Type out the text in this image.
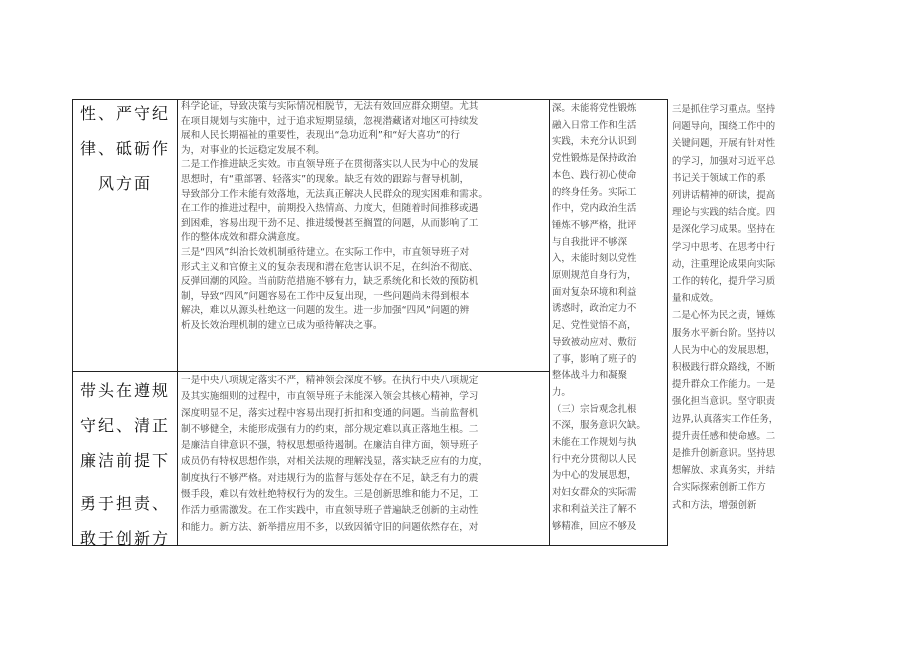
性、严守纪

律、砥砺作

风方面

科学论证，导致决策与实际情况相脱节，无法有效回应群众期望。尤其

在项目规划与实施中，过于追求短期显绩，忽视潜藏诸对地区可持续发

展和人民长期福祉的重要性，表现出“急功近利”和“好大喜功”的行

为，对事业的长远稳定发展不利。

二是工作推进缺乏实效。市直领导班子在贯彻落实以人民为中心的发展

思想时，有“重部署、轻落实”的现象。缺乏有效的跟踪与督导机制，

导致部分工作未能有效落地，无法真正解决人民群众的现实困难和需求。

在工作的推进过程中，前期投入热情高、力度大，但随着时间推移或遇

到困难，容易出现干劲不足、推进缓慢甚至搁置的问题，从而影响了工

作的整体成效和群众满意度。

三是“四风”纠治长效机制亟待建立。在实际工作中，市直领导班子对

形式主义和官僚主义的复杂表现和潜在危害认识不足，在纠治不彻底、

反弹回潮的风险。当前防范措施不够有力，缺乏系统化和长效的预防机

制，导致“四风”问题容易在工作中反复出现，一些问题尚未得到根本

解决，难以从源头杜绝这一问题的发生。进一步加强“四风”问题的辨

析及长效治理机制的建立已成为亟待解决之事。

带头在遵规

守纪、清正

廉洁前提下

勇于担责、

敢于创新方

一是中央八项规定落实不严，精神领会深度不够。在执行中央八项规定

及其实施细则的过程中，市直领导班子未能深入领会其核心精神，学习

深度明显不足，落实过程中容易出现打折扣和变通的问题。当前监督机

制不够健全，未能形成强有力的约束，部分规定难以真正落地生根。二

是廉洁自律意识不强，特权思想亟待遏制。在廉洁自律方面，领导班子

成员仍有特权思想作祟，对相关法规的理解浅显，落实缺乏应有的力度，

制度执行不够严格。对违规行为的监督与惩处存在不足，缺乏有力的震

慑手段，难以有效杜绝特权行为的发生。三是创新思维和能力不足，工

作活力亟需激发。在工作实践中，市直领导班子普遍缺乏创新的主动性

和能力。新方法、新举措应用不多，以致因循守旧的问题依然存在，对

深。未能将党性锻炼

融入日常工作和生活

实践，未充分认识到

党性锻炼是保持政治

本色、践行初心使命

的终身任务。实际工

作中，党内政治生活

锤炼不够严格，批评

与自我批评不够深

入，未能时刻以党性

原则规范自身行为，

面对复杂环境和利益

诱惑时，政治定力不

足、党性觉悟不高，

导致被动应对、敷衍

了事，影响了班子的

整体战斗力和凝聚

力。

（三）宗旨观念扎根

不深，服务意识欠缺。

未能在工作规划与执

行中充分贯彻以人民

为中心的发展思想，

对妇女群众的实际需

求和利益关注了解不

够精准，回应不够及

三是抓住学习重点。坚持

问题导向，围绕工作中的

关键问题，开展有针对性

的学习，加强对习近平总

书记关于领域工作的系

列讲话精神的研读，提高

理论与实践的结合度。四

是深化学习成果。坚持在

学习中思考、在思考中行

动，注重理论成果向实际

工作的转化，提升学习质

量和成效。

二是心怀为民之责，锤炼

服务水平新台阶。坚持以

人民为中心的发展思想，

积极践行群众路线，不断

提升群众工作能力。一是

强化担当意识。坚守职责

边界,认真落实工作任务，

提升责任感和使命感。二

是推升创新意识。坚持思

想解放、求真务实，并结

合实际探索创新工作方

式和方法，增强创新
